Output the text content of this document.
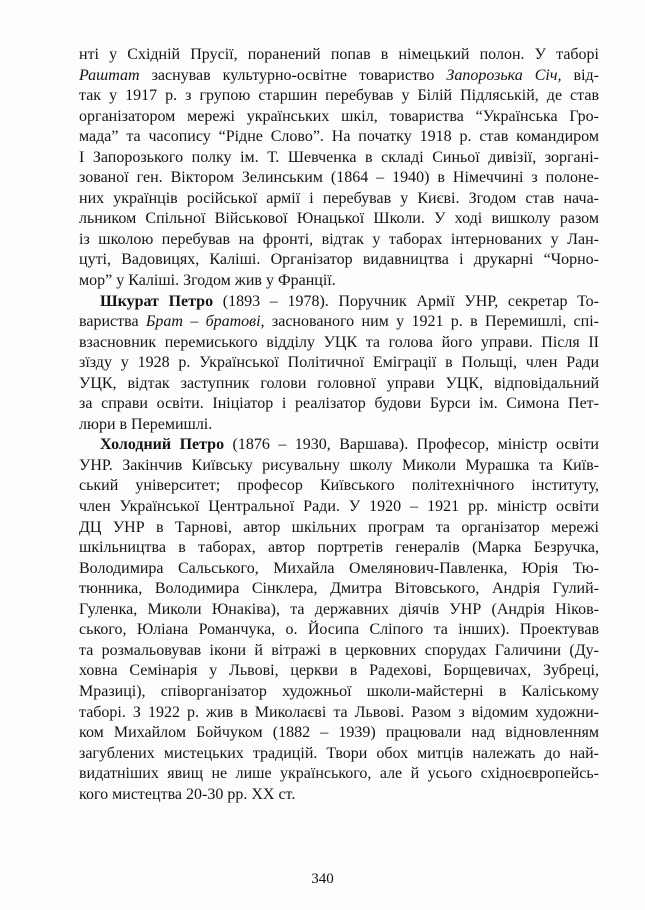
нті у Східній Прусії, поранений попав в німецький полон. У таборі
Раштат заснував культурно-освітне товариство Запорозька Січ, від-
так у 1917 р. з групою старшин перебував у Білій Підляській, де став
організатором мережі українських шкіл, товариства “Українська Гро-
мада” та часопису “Рідне Слово”. На початку 1918 р. став командиром
І Запорозького полку ім. Т. Шевченка в складі Синьої дивізії, зоргані-
зованої ген. Віктором Зелинським (1864 – 1940) в Німеччині з полоне-
них українців російської армії і перебував у Києві. Згодом став нача-
льником Спільної Військової Юнацької Школи. У ході вишколу разом
із школою перебував на фронті, відтак у таборах інтернованих у Лан-
цуті, Вадовицях, Каліші. Організатор видавництва і друкарні “Чорно-
мор” у Каліші. Згодом жив у Франції.

Шкурат Петро (1893 – 1978). Поручник Армії УНР, секретар То-
вариства Брат – братові, заснованого ним у 1921 р. в Перемишлі, спі-
взасновник перемиського відділу УЦК та голова його управи. Після ІІ
зїзду у 1928 р. Української Політичної Еміграції в Польщі, член Ради
УЦК, відтак заступник голови головної управи УЦК, відповідальний
за справи освіти. Ініціатор і реалізатор будови Бурси ім. Симона Пет-
люри в Перемишлі.

Холодний Петро (1876 – 1930, Варшава). Професор, міністр освіти
УНР. Закінчив Київську рисувальну школу Миколи Мурашка та Київ-
ський університет; професор Київського політехнічного інституту,
член Української Центральної Ради. У 1920 – 1921 рр. міністр освіти
ДЦ УНР в Тарнові, автор шкільних програм та організатор мережі
шкільництва в таборах, автор портретів генералів (Марка Безручка,
Володимира Сальського, Михайла Омелянович-Павленка, Юрія Тю-
тюнника, Володимира Сінклера, Дмитра Вітовського, Андрія Гулий-
Гуленка, Миколи Юнаківа), та державних діячів УНР (Андрія Ніков-
ського, Юліана Романчука, о. Йосипа Сліпого та інших). Проектував
та розмальовував ікони й вітражі в церковних спорудах Галичини (Ду-
ховна Семінарія у Львові, церкви в Радехові, Борщевичах, Зубреці,
Мразиці), співорганізатор художньої школи-майстерні в Каліському
таборі. З 1922 р. жив в Миколаєві та Львові. Разом з відомим художни-
ком Михайлом Бойчуком (1882 – 1939) працювали над відновленням
загублених мистецьких традицій. Твори обох митців належать до най-
видатніших явищ не лише українського, але й усього східноєвропейсь-
кого мистецтва 20-30 рр. ХХ ст.

340
